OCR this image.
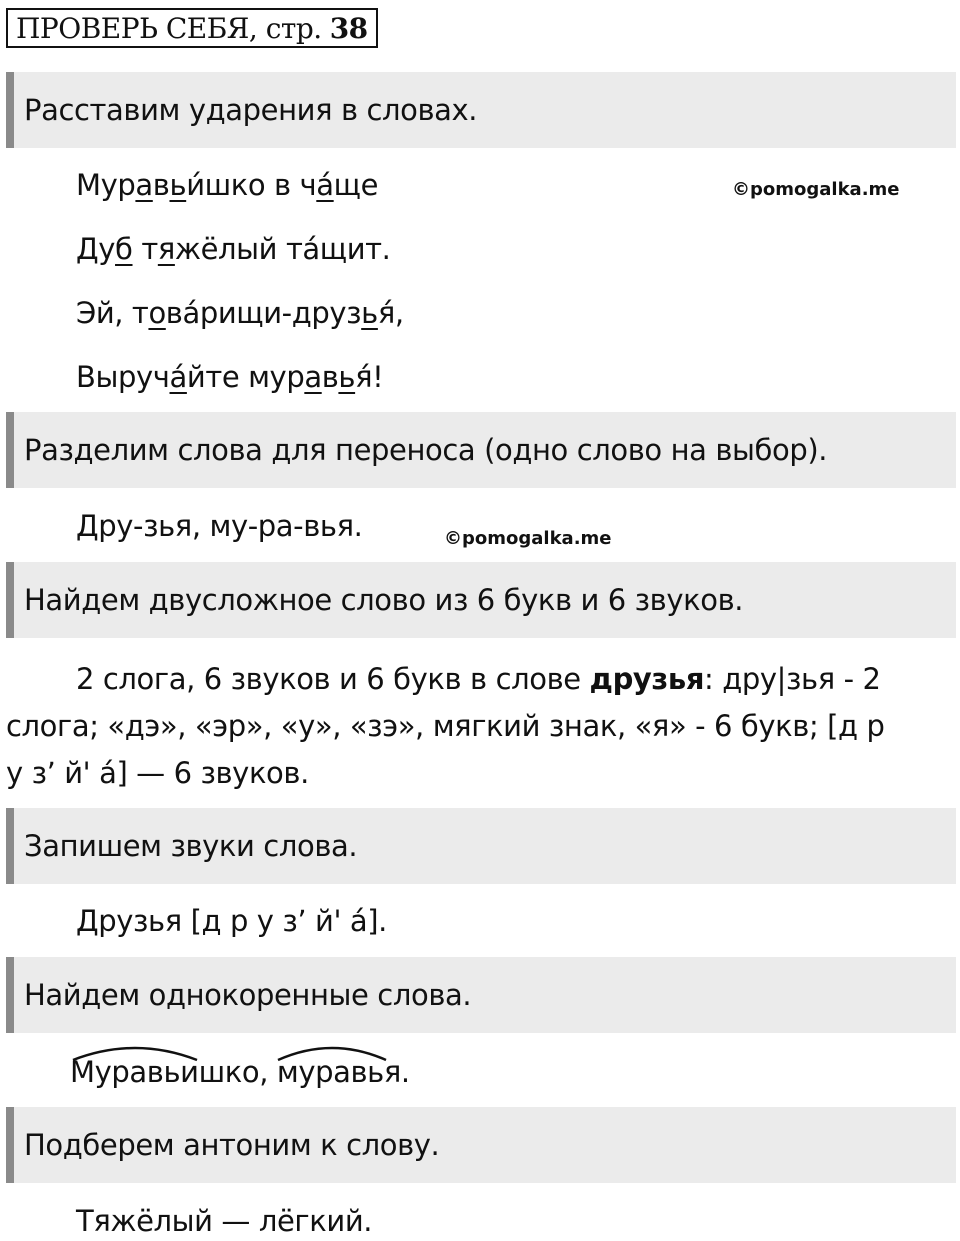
ПРОВЕРЬ СЕБЯ, стр. 38
Расставим ударения в словах.
Муравьи́шко в ча́ще	©pomogalka.me
Дуб тяжёлый та́щит.
Эй, това́рищи-друзья́,
Выруча́йте муравья́!
Разделим слова для переноса (одно слово на выбор).
Дру-зья, му-ра-вья.	©pomogalka.me
Найдем двусложное слово из 6 букв и 6 звуков.

2 слога, 6 звуков и 6 букв в слове друзья: дру|зья - 2 слога; «дэ», «эр», «у», «зэ», мягкий знак, «я» - 6 букв; [д р у з’ й' а́] — 6 звуков.

Запишем звуки слова.
Друзья [д р у з’ й' а́].
Найдем однокоренные слова.
М
уравьишко, м
уравья.
Подберем антоним к слову.
Тяжёлый — лёгкий.
